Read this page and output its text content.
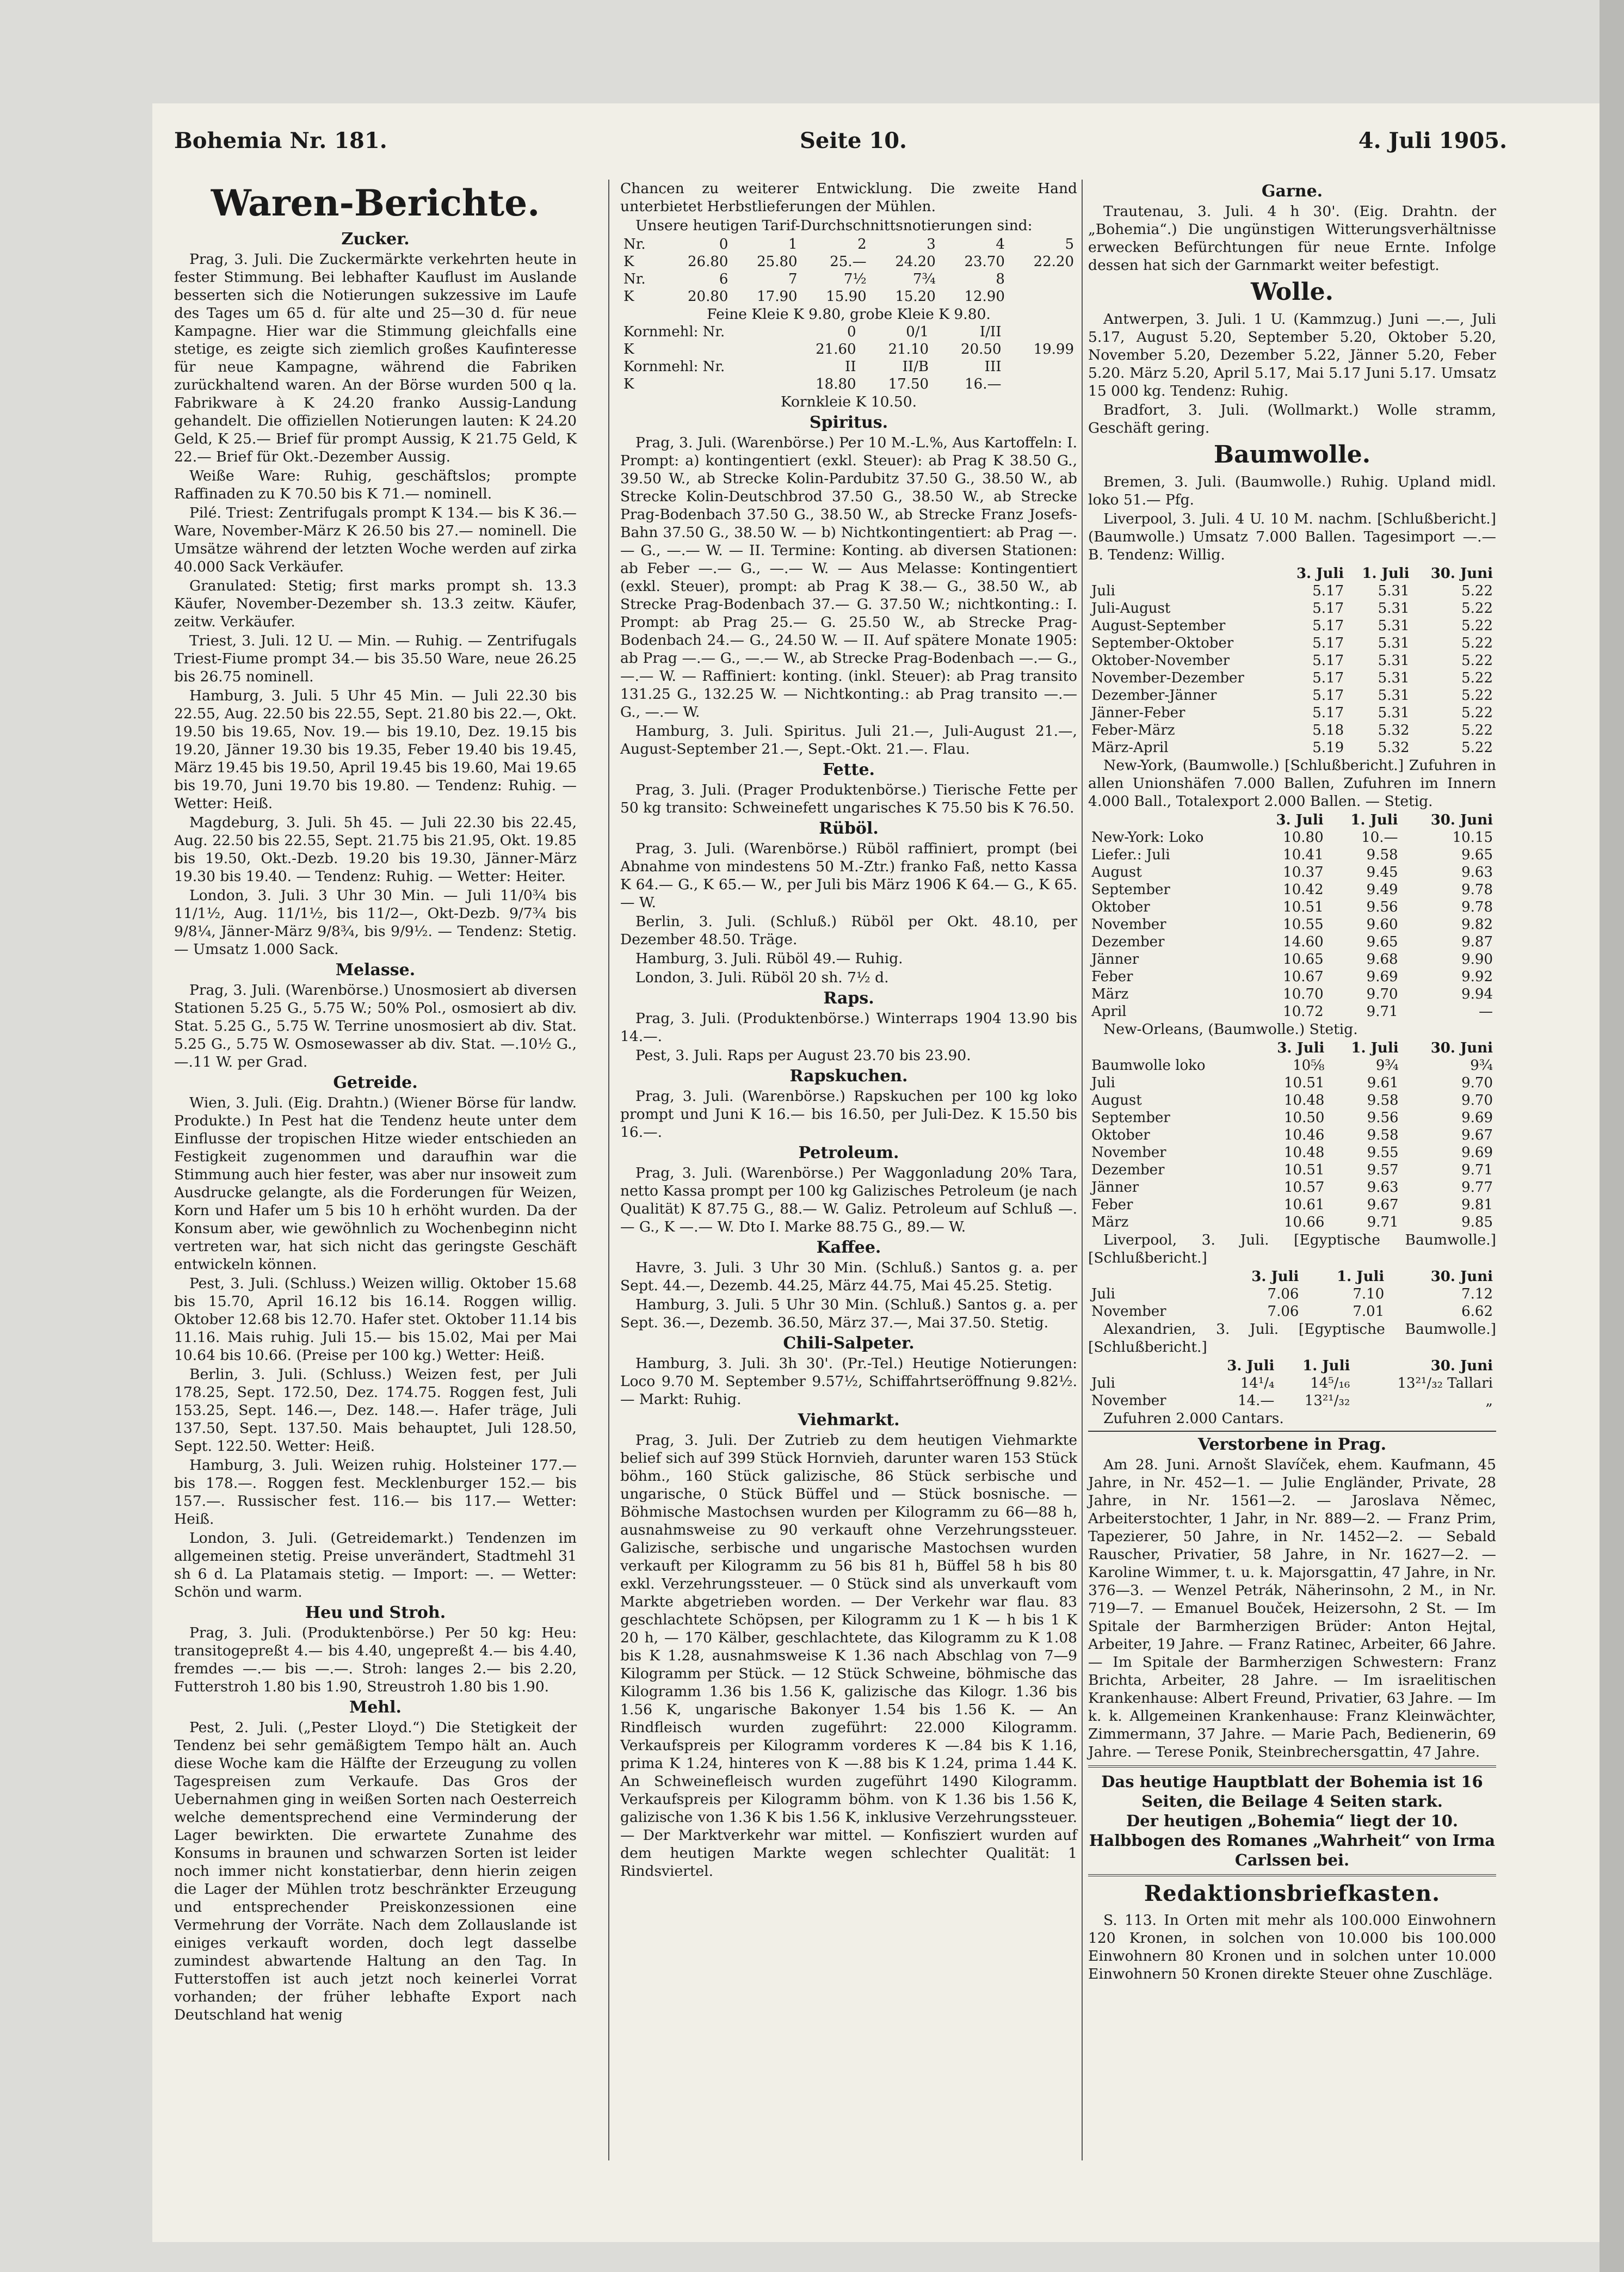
Bohemia Nr. 181.	Seite 10.	4. Juli 1905.
Waren-Berichte.
Zucker.

Prag, 3. Juli. Die Zuckermärkte verkehrten heute in fester Stimmung. Bei lebhafter Kauflust im Auslande besserten sich die Notierungen sukzessive im Laufe des Tages um 65 d. für alte und 25—30 d. für neue Kampagne. Hier war die Stimmung gleichfalls eine stetige, es zeigte sich ziemlich großes Kaufinteresse für neue Kampagne, während die Fabriken zurückhaltend waren. An der Börse wurden 500 q la. Fabrikware à K 24.20 franko Aussig-Landung gehandelt. Die offiziellen Notierungen lauten: K 24.20 Geld, K 25.— Brief für prompt Aussig, K 21.75 Geld, K 22.— Brief für Okt.-Dezember Aussig.

Weiße Ware: Ruhig, geschäftslos; prompte Raffinaden zu K 70.50 bis K 71.— nominell.

Pilé. Triest: Zentrifugals prompt K 134.— bis K 36.— Ware, November-März K 26.50 bis 27.— nominell. Die Umsätze während der letzten Woche werden auf zirka 40.000 Sack Verkäufer.

Granulated: Stetig; first marks prompt sh. 13.3 Käufer, November-Dezember sh. 13.3 zeitw. Käufer, zeitw. Verkäufer.

Triest, 3. Juli. 12 U. — Min. — Ruhig. — Zentrifugals Triest-Fiume prompt 34.— bis 35.50 Ware, neue 26.25 bis 26.75 nominell.

Hamburg, 3. Juli. 5 Uhr 45 Min. — Juli 22.30 bis 22.55, Aug. 22.50 bis 22.55, Sept. 21.80 bis 22.—, Okt. 19.50 bis 19.65, Nov. 19.— bis 19.10, Dez. 19.15 bis 19.20, Jänner 19.30 bis 19.35, Feber 19.40 bis 19.45, März 19.45 bis 19.50, April 19.45 bis 19.60, Mai 19.65 bis 19.70, Juni 19.70 bis 19.80. — Tendenz: Ruhig. — Wetter: Heiß.

Magdeburg, 3. Juli. 5h 45. — Juli 22.30 bis 22.45, Aug. 22.50 bis 22.55, Sept. 21.75 bis 21.95, Okt. 19.85 bis 19.50, Okt.-Dezb. 19.20 bis 19.30, Jänner-März 19.30 bis 19.40. — Tendenz: Ruhig. — Wetter: Heiter.

London, 3. Juli. 3 Uhr 30 Min. — Juli 11/0¾ bis 11/1½, Aug. 11/1½, bis 11/2—, Okt-Dezb. 9/7¾ bis 9/8¼, Jänner-März 9/8¾, bis 9/9½. — Tendenz: Stetig. — Umsatz 1.000 Sack.

Melasse.

Prag, 3. Juli. (Warenbörse.) Unosmosiert ab diversen Stationen 5.25 G., 5.75 W.; 50% Pol., osmosiert ab div. Stat. 5.25 G., 5.75 W. Terrine unosmosiert ab div. Stat. 5.25 G., 5.75 W. Osmosewasser ab div. Stat. —.10½ G., —.11 W. per Grad.

Getreide.

Wien, 3. Juli. (Eig. Drahtn.) (Wiener Börse für landw. Produkte.) In Pest hat die Tendenz heute unter dem Einflusse der tropischen Hitze wieder entschieden an Festigkeit zugenommen und daraufhin war die Stimmung auch hier fester, was aber nur insoweit zum Ausdrucke gelangte, als die Forderungen für Weizen, Korn und Hafer um 5 bis 10 h erhöht wurden. Da der Konsum aber, wie gewöhnlich zu Wochenbeginn nicht vertreten war, hat sich nicht das geringste Geschäft entwickeln können.

Pest, 3. Juli. (Schluss.) Weizen willig. Oktober 15.68 bis 15.70, April 16.12 bis 16.14. Roggen willig. Oktober 12.68 bis 12.70. Hafer stet. Oktober 11.14 bis 11.16. Mais ruhig. Juli 15.— bis 15.02, Mai per Mai 10.64 bis 10.66. (Preise per 100 kg.) Wetter: Heiß.

Berlin, 3. Juli. (Schluss.) Weizen fest, per Juli 178.25, Sept. 172.50, Dez. 174.75. Roggen fest, Juli 153.25, Sept. 146.—, Dez. 148.—. Hafer träge, Juli 137.50, Sept. 137.50. Mais behauptet, Juli 128.50, Sept. 122.50. Wetter: Heiß.

Hamburg, 3. Juli. Weizen ruhig. Holsteiner 177.— bis 178.—. Roggen fest. Mecklenburger 152.— bis 157.—. Russischer fest. 116.— bis 117.— Wetter: Heiß.

London, 3. Juli. (Getreidemarkt.) Tendenzen im allgemeinen stetig. Preise unverändert, Stadtmehl 31 sh 6 d. La Platamais stetig. — Import: —. — Wetter: Schön und warm.

Heu und Stroh.

Prag, 3. Juli. (Produktenbörse.) Per 50 kg: Heu: transitogepreßt 4.— bis 4.40, ungepreßt 4.— bis 4.40, fremdes —.— bis —.—. Stroh: langes 2.— bis 2.20, Futterstroh 1.80 bis 1.90, Streustroh 1.80 bis 1.90.

Mehl.

Pest, 2. Juli. („Pester Lloyd.“) Die Stetigkeit der Tendenz bei sehr gemäßigtem Tempo hält an. Auch diese Woche kam die Hälfte der Erzeugung zu vollen Tagespreisen zum Verkaufe. Das Gros der Uebernahmen ging in weißen Sorten nach Oesterreich welche dementsprechend eine Verminderung der Lager bewirkten. Die erwartete Zunahme des Konsums in braunen und schwarzen Sorten ist leider noch immer nicht konstatierbar, denn hierin zeigen die Lager der Mühlen trotz beschränkter Erzeugung und entsprechender Preiskonzessionen eine Vermehrung der Vorräte. Nach dem Zollauslande ist einiges verkauft worden, doch legt dasselbe zumindest abwartende Haltung an den Tag. In Futterstoffen ist auch jetzt noch keinerlei Vorrat vorhanden; der früher lebhafte Export nach Deutschland hat wenig

Chancen zu weiterer Entwicklung. Die zweite Hand unterbietet Herbstlieferungen der Mühlen.

Unsere heutigen Tarif-Durchschnittsnotierungen sind:

Nr.	0	1	2	3	4	5
K	26.80	25.80	25.—	24.20	23.70	22.20
Nr.	6	7	7½	7¾	8	
K	20.80	17.90	15.90	15.20	12.90	
Feine Kleie K 9.80, grobe Kleie K 9.80.
Kornmehl: Nr.	0	0/1	I/II	
K	21.60	21.10	20.50	19.99
Kornmehl: Nr.	II	II/B	III	
K	18.80	17.50	16.—	
Kornkleie K 10.50.
Spiritus.

Prag, 3. Juli. (Warenbörse.) Per 10 M.-L.%, Aus Kartoffeln: I. Prompt: a) kontingentiert (exkl. Steuer): ab Prag K 38.50 G., 39.50 W., ab Strecke Kolin-Pardubitz 37.50 G., 38.50 W., ab Strecke Kolin-Deutschbrod 37.50 G., 38.50 W., ab Strecke Prag-Bodenbach 37.50 G., 38.50 W., ab Strecke Franz Josefs-Bahn 37.50 G., 38.50 W. — b) Nichtkontingentiert: ab Prag —.— G., —.— W. — II. Termine: Konting. ab diversen Stationen: ab Feber —.— G., —.— W. — Aus Melasse: Kontingentiert (exkl. Steuer), prompt: ab Prag K 38.— G., 38.50 W., ab Strecke Prag-Bodenbach 37.— G. 37.50 W.; nichtkonting.: I. Prompt: ab Prag 25.— G. 25.50 W., ab Strecke Prag-Bodenbach 24.— G., 24.50 W. — II. Auf spätere Monate 1905: ab Prag —.— G., —.— W., ab Strecke Prag-Bodenbach —.— G., —.— W. — Raffiniert: konting. (inkl. Steuer): ab Prag transito 131.25 G., 132.25 W. — Nichtkonting.: ab Prag transito —.— G., —.— W.

Hamburg, 3. Juli. Spiritus. Juli 21.—, Juli-August 21.—, August-September 21.—, Sept.-Okt. 21.—. Flau.

Fette.

Prag, 3. Juli. (Prager Produktenbörse.) Tierische Fette per 50 kg transito: Schweinefett ungarisches K 75.50 bis K 76.50.

Rüböl.

Prag, 3. Juli. (Warenbörse.) Rüböl raffiniert, prompt (bei Abnahme von mindestens 50 M.-Ztr.) franko Faß, netto Kassa K 64.— G., K 65.— W., per Juli bis März 1906 K 64.— G., K 65.— W.

Berlin, 3. Juli. (Schluß.) Rüböl per Okt. 48.10, per Dezember 48.50. Träge.

Hamburg, 3. Juli. Rüböl 49.— Ruhig.

London, 3. Juli. Rüböl 20 sh. 7½ d.

Raps.

Prag, 3. Juli. (Produktenbörse.) Winterraps 1904 13.90 bis 14.—.

Pest, 3. Juli. Raps per August 23.70 bis 23.90.

Rapskuchen.

Prag, 3. Juli. (Warenbörse.) Rapskuchen per 100 kg loko prompt und Juni K 16.— bis 16.50, per Juli-Dez. K 15.50 bis 16.—.

Petroleum.

Prag, 3. Juli. (Warenbörse.) Per Waggonladung 20% Tara, netto Kassa prompt per 100 kg Galizisches Petroleum (je nach Qualität) K 87.75 G., 88.— W. Galiz. Petroleum auf Schluß —.— G., K —.— W. Dto I. Marke 88.75 G., 89.— W.

Kaffee.

Havre, 3. Juli. 3 Uhr 30 Min. (Schluß.) Santos g. a. per Sept. 44.—, Dezemb. 44.25, März 44.75, Mai 45.25. Stetig.

Hamburg, 3. Juli. 5 Uhr 30 Min. (Schluß.) Santos g. a. per Sept. 36.—, Dezemb. 36.50, März 37.—, Mai 37.50. Stetig.

Chili-Salpeter.

Hamburg, 3. Juli. 3h 30'. (Pr.-Tel.) Heutige Notierungen: Loco 9.70 M. September 9.57½, Schiffahrtseröffnung 9.82½. — Markt: Ruhig.

Viehmarkt.

Prag, 3. Juli. Der Zutrieb zu dem heutigen Viehmarkte belief sich auf 399 Stück Hornvieh, darunter waren 153 Stück böhm., 160 Stück galizische, 86 Stück serbische und ungarische, 0 Stück Büffel und — Stück bosnische. — Böhmische Mastochsen wurden per Kilogramm zu 66—88 h, ausnahmsweise zu 90 verkauft ohne Verzehrungssteuer. Galizische, serbische und ungarische Mastochsen wurden verkauft per Kilogramm zu 56 bis 81 h, Büffel 58 h bis 80 exkl. Verzehrungssteuer. — 0 Stück sind als unverkauft vom Markte abgetrieben worden. — Der Verkehr war flau. 83 geschlachtete Schöpsen, per Kilogramm zu 1 K — h bis 1 K 20 h, — 170 Kälber, geschlachtete, das Kilogramm zu K 1.08 bis K 1.28, ausnahmsweise K 1.36 nach Abschlag von 7—9 Kilogramm per Stück. — 12 Stück Schweine, böhmische das Kilogramm 1.36 bis 1.56 K, galizische das Kilogr. 1.36 bis 1.56 K, ungarische Bakonyer 1.54 bis 1.56 K. — An Rindfleisch wurden zugeführt: 22.000 Kilogramm. Verkaufspreis per Kilogramm vorderes K —.84 bis K 1.16, prima K 1.24, hinteres von K —.88 bis K 1.24, prima 1.44 K. An Schweinefleisch wurden zugeführt 1490 Kilogramm. Verkaufspreis per Kilogramm böhm. von K 1.36 bis 1.56 K, galizische von 1.36 K bis 1.56 K, inklusive Verzehrungssteuer. — Der Marktverkehr war mittel. — Konfisziert wurden auf dem heutigen Markte wegen schlechter Qualität: 1 Rindsviertel.

Garne.

Trautenau, 3. Juli. 4 h 30'. (Eig. Drahtn. der „Bohemia“.) Die ungünstigen Witterungsverhältnisse erwecken Befürchtungen für neue Ernte. Infolge dessen hat sich der Garnmarkt weiter befestigt.

Wolle.

Antwerpen, 3. Juli. 1 U. (Kammzug.) Juni —.—, Juli 5.17, August 5.20, September 5.20, Oktober 5.20, November 5.20, Dezember 5.22, Jänner 5.20, Feber 5.20. März 5.20, April 5.17, Mai 5.17 Juni 5.17. Umsatz 15 000 kg. Tendenz: Ruhig.

Bradfort, 3. Juli. (Wollmarkt.) Wolle stramm, Geschäft gering.

Baumwolle.

Bremen, 3. Juli. (Baumwolle.) Ruhig. Upland midl. loko 51.— Pfg.

Liverpool, 3. Juli. 4 U. 10 M. nachm. [Schlußbericht.] (Baumwolle.) Umsatz 7.000 Ballen. Tagesimport —.— B. Tendenz: Willig.

	3. Juli	1. Juli	30. Juni
Juli	5.17	5.31	5.22
Juli-August	5.17	5.31	5.22
August-September	5.17	5.31	5.22
September-Oktober	5.17	5.31	5.22
Oktober-November	5.17	5.31	5.22
November-Dezember	5.17	5.31	5.22
Dezember-Jänner	5.17	5.31	5.22
Jänner-Feber	5.17	5.31	5.22
Feber-März	5.18	5.32	5.22
März-April	5.19	5.32	5.22

New-York, (Baumwolle.) [Schlußbericht.] Zufuhren in allen Unionshäfen 7.000 Ballen, Zufuhren im Innern 4.000 Ball., Totalexport 2.000 Ballen. — Stetig.

	3. Juli	1. Juli	30. Juni
New-York: Loko	10.80	10.—	10.15
Liefer.: Juli	10.41	9.58	9.65
August	10.37	9.45	9.63
September	10.42	9.49	9.78
Oktober	10.51	9.56	9.78
November	10.55	9.60	9.82
Dezember	14.60	9.65	9.87
Jänner	10.65	9.68	9.90
Feber	10.67	9.69	9.92
März	10.70	9.70	9.94
April	10.72	9.71	—

New-Orleans, (Baumwolle.) Stetig.

	3. Juli	1. Juli	30. Juni
Baumwolle loko	10⅝	9¾	9¾
Juli	10.51	9.61	9.70
August	10.48	9.58	9.70
September	10.50	9.56	9.69
Oktober	10.46	9.58	9.67
November	10.48	9.55	9.69
Dezember	10.51	9.57	9.71
Jänner	10.57	9.63	9.77
Feber	10.61	9.67	9.81
März	10.66	9.71	9.85

Liverpool, 3. Juli. [Egyptische Baumwolle.] [Schlußbericht.]

	3. Juli	1. Juli	30. Juni
Juli	7.06	7.10	7.12
November	7.06	7.01	6.62

Alexandrien, 3. Juli. [Egyptische Baumwolle.] [Schlußbericht.]

	3. Juli	1. Juli	30. Juni
Juli	14¹/₄	14⁵/₁₆	13²¹/₃₂ Tallari
November	14.—	13²¹/₃₂	„

Zufuhren 2.000 Cantars.

Verstorbene in Prag.

Am 28. Juni. Arnošt Slavíček, ehem. Kaufmann, 45 Jahre, in Nr. 452—1. — Julie Engländer, Private, 28 Jahre, in Nr. 1561—2. — Jaroslava Němec, Arbeiterstochter, 1 Jahr, in Nr. 889—2. — Franz Prim, Tapezierer, 50 Jahre, in Nr. 1452—2. — Sebald Rauscher, Privatier, 58 Jahre, in Nr. 1627—2. — Karoline Wimmer, t. u. k. Majorsgattin, 47 Jahre, in Nr. 376—3. — Wenzel Petrák, Näherinsohn, 2 M., in Nr. 719—7. — Emanuel Bouček, Heizersohn, 2 St. — Im Spitale der Barmherzigen Brüder: Anton Hejtal, Arbeiter, 19 Jahre. — Franz Ratinec, Arbeiter, 66 Jahre. — Im Spitale der Barmherzigen Schwestern: Franz Brichta, Arbeiter, 28 Jahre. — Im israelitischen Krankenhause: Albert Freund, Privatier, 63 Jahre. — Im k. k. Allgemeinen Krankenhause: Franz Kleinwächter, Zimmermann, 37 Jahre. — Marie Pach, Bedienerin, 69 Jahre. — Terese Ponik, Steinbrechersgattin, 47 Jahre.

Das heutige Hauptblatt der Bohemia ist 16 Seiten, die Beilage 4 Seiten stark.
Der heutigen „Bohemia“ liegt der 10. Halbbogen des Romanes „Wahrheit“ von Irma Carlssen bei.
Redaktionsbriefkasten.

S. 113. In Orten mit mehr als 100.000 Einwohnern 120 Kronen, in solchen von 10.000 bis 100.000 Einwohnern 80 Kronen und in solchen unter 10.000 Einwohnern 50 Kronen direkte Steuer ohne Zuschläge.
